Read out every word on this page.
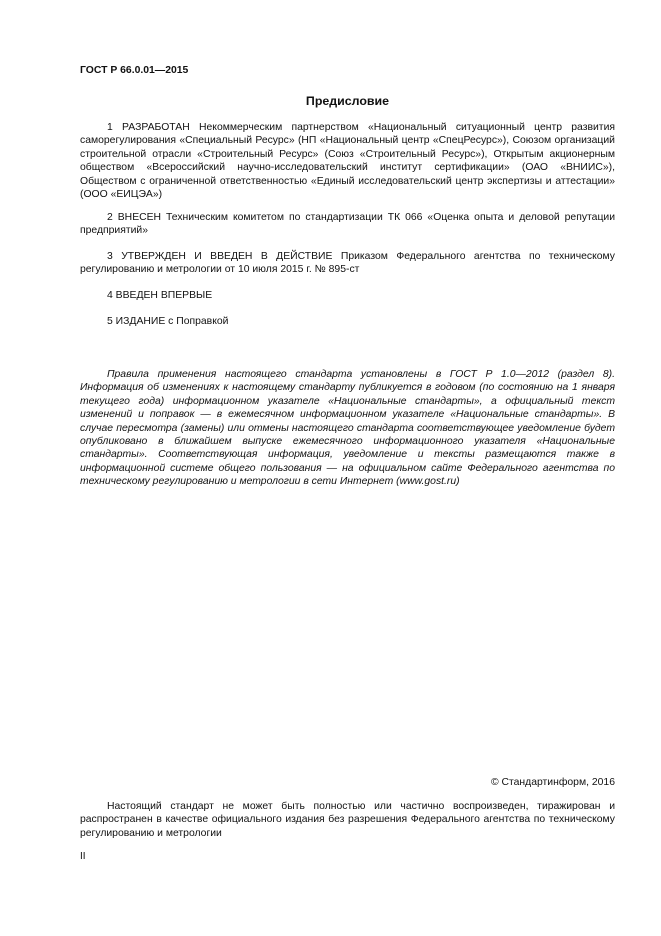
ГОСТ Р 66.0.01—2015
Предисловие

1 РАЗРАБОТАН Некоммерческим партнерством «Национальный ситуационный центр развития саморегулирования «Специальный Ресурс» (НП «Национальный центр «СпецРесурс»), Союзом организаций строительной отрасли «Строительный Ресурс» (Союз «Строительный Ресурс»), Открытым акционерным обществом «Всероссийский научно-исследовательский институт сертификации» (ОАО «ВНИИС»), Обществом с ограниченной ответственностью «Единый исследовательский центр экспертизы и аттестации» (ООО «ЕИЦЭА»)

2 ВНЕСЕН Техническим комитетом по стандартизации ТК 066 «Оценка опыта и деловой репутации предприятий»

3 УТВЕРЖДЕН И ВВЕДЕН В ДЕЙСТВИЕ Приказом Федерального агентства по техническому регулированию и метрологии от 10 июля 2015 г. № 895-ст

4 ВВЕДЕН ВПЕРВЫЕ

5 ИЗДАНИЕ с Поправкой

Правила применения настоящего стандарта установлены в ГОСТ Р 1.0—2012 (раздел 8). Информация об изменениях к настоящему стандарту публикуется в годовом (по состоянию на 1 января текущего года) информационном указателе «Национальные стандарты», а официальный текст изменений и поправок — в ежемесячном информационном указателе «Национальные стандарты». В случае пересмотра (замены) или отмены настоящего стандарта соответствующее уведомление будет опубликовано в ближайшем выпуске ежемесячного информационного указателя «Национальные стандарты». Соответствующая информация, уведомление и тексты размещаются также в информационной системе общего пользования — на официальном сайте Федерального агентства по техническому регулированию и метрологии в сети Интернет (www.gost.ru)

© Стандартинформ, 2016

Настоящий стандарт не может быть полностью или частично воспроизведен, тиражирован и распространен в качестве официального издания без разрешения Федерального агентства по техническому регулированию и метрологии

II
